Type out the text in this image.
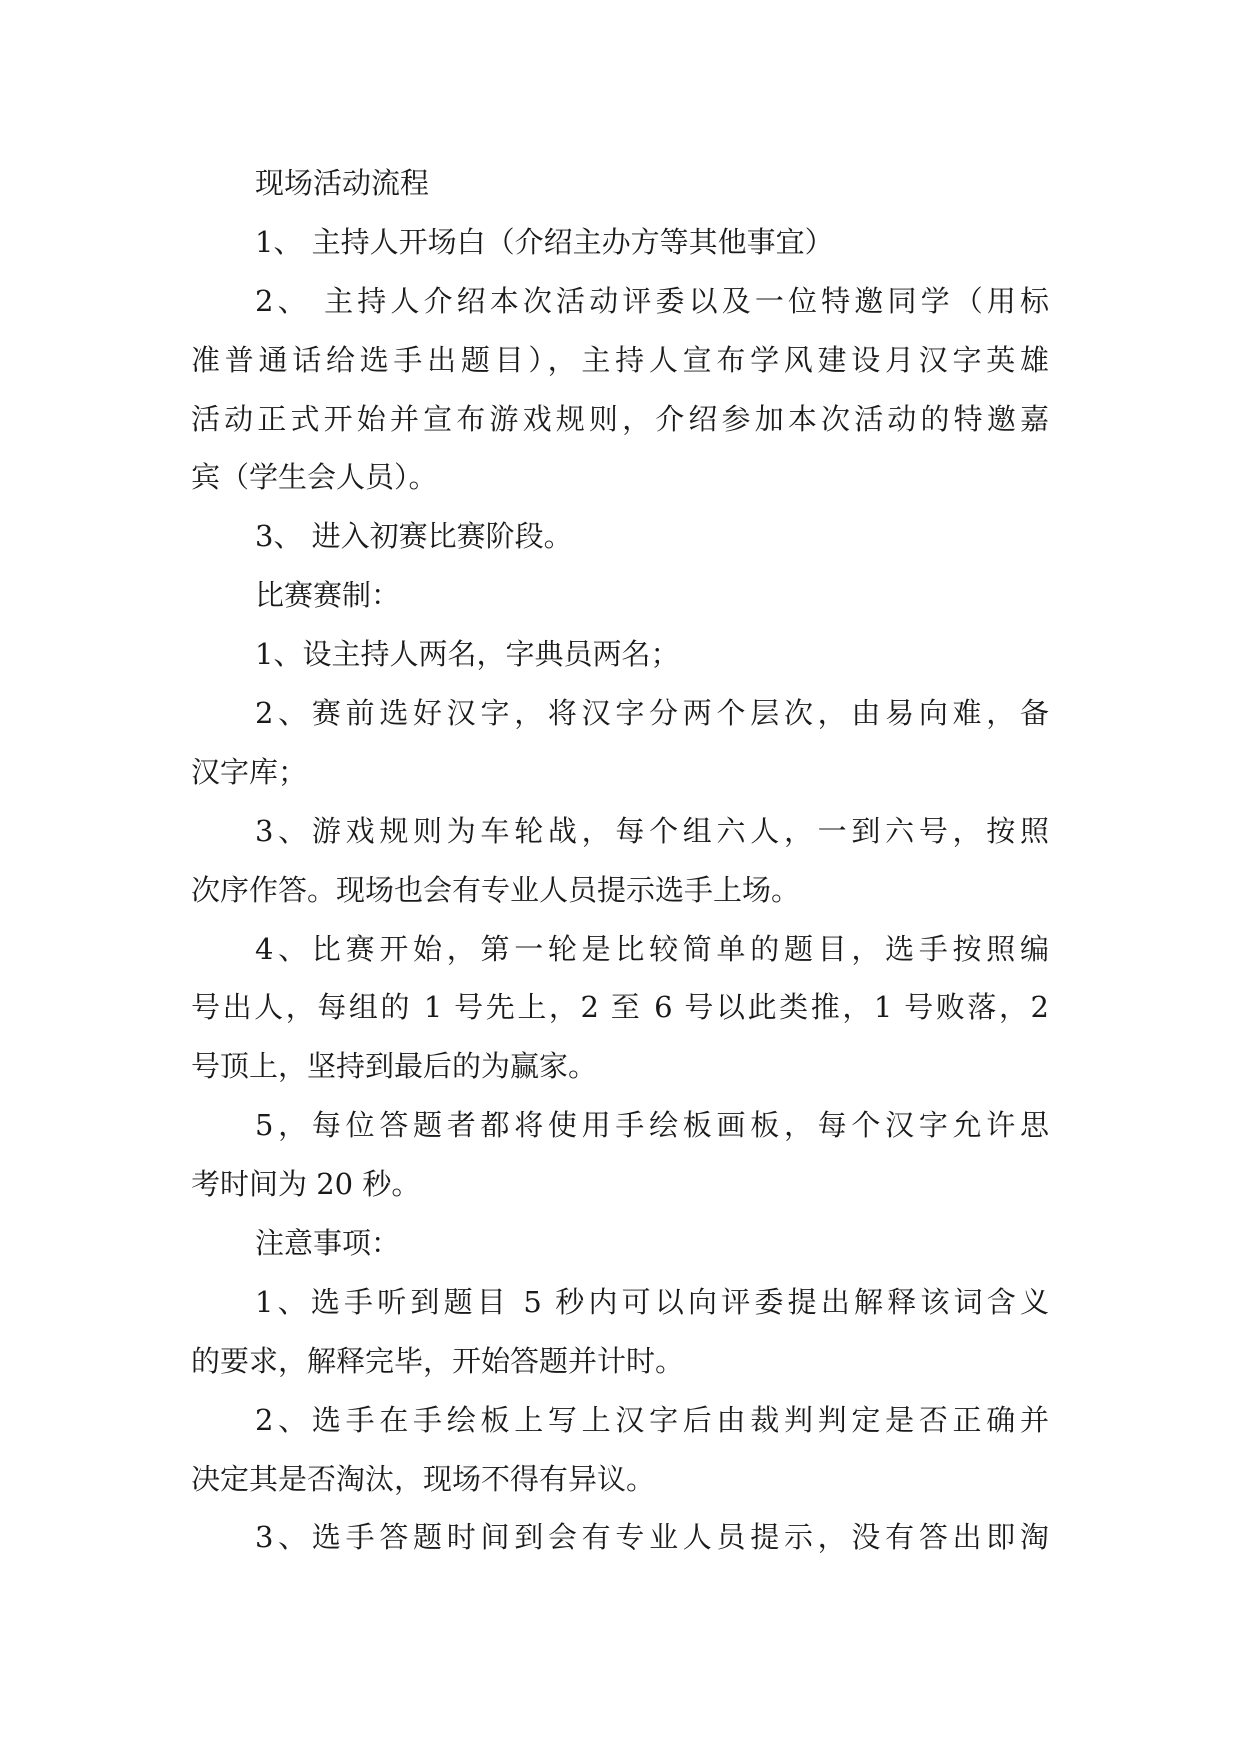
现场活动流程
1、 主持人开场白（介绍主办方等其他事宜）
2、 主持人介绍本次活动评委以及一位特邀同学（用标
准普通话给选手出题目），主持人宣布学风建设月汉字英雄
活动正式开始并宣布游戏规则，介绍参加本次活动的特邀嘉
宾（学生会人员）。
3、 进入初赛比赛阶段。
比赛赛制：
1、设主持人两名，字典员两名；
2、赛前选好汉字，将汉字分两个层次，由易向难，备
汉字库；
3、游戏规则为车轮战，每个组六人，一到六号，按照
次序作答。现场也会有专业人员提示选手上场。
4、比赛开始，第一轮是比较简单的题目，选手按照编
号出人，每组的 1 号先上，2 至 6 号以此类推，1 号败落，2
号顶上，坚持到最后的为赢家。
5，每位答题者都将使用手绘板画板，每个汉字允许思
考时间为 20 秒。
注意事项：
1、选手听到题目 5 秒内可以向评委提出解释该词含义
的要求，解释完毕，开始答题并计时。
2、选手在手绘板上写上汉字后由裁判判定是否正确并
决定其是否淘汰，现场不得有异议。
3、选手答题时间到会有专业人员提示，没有答出即淘
